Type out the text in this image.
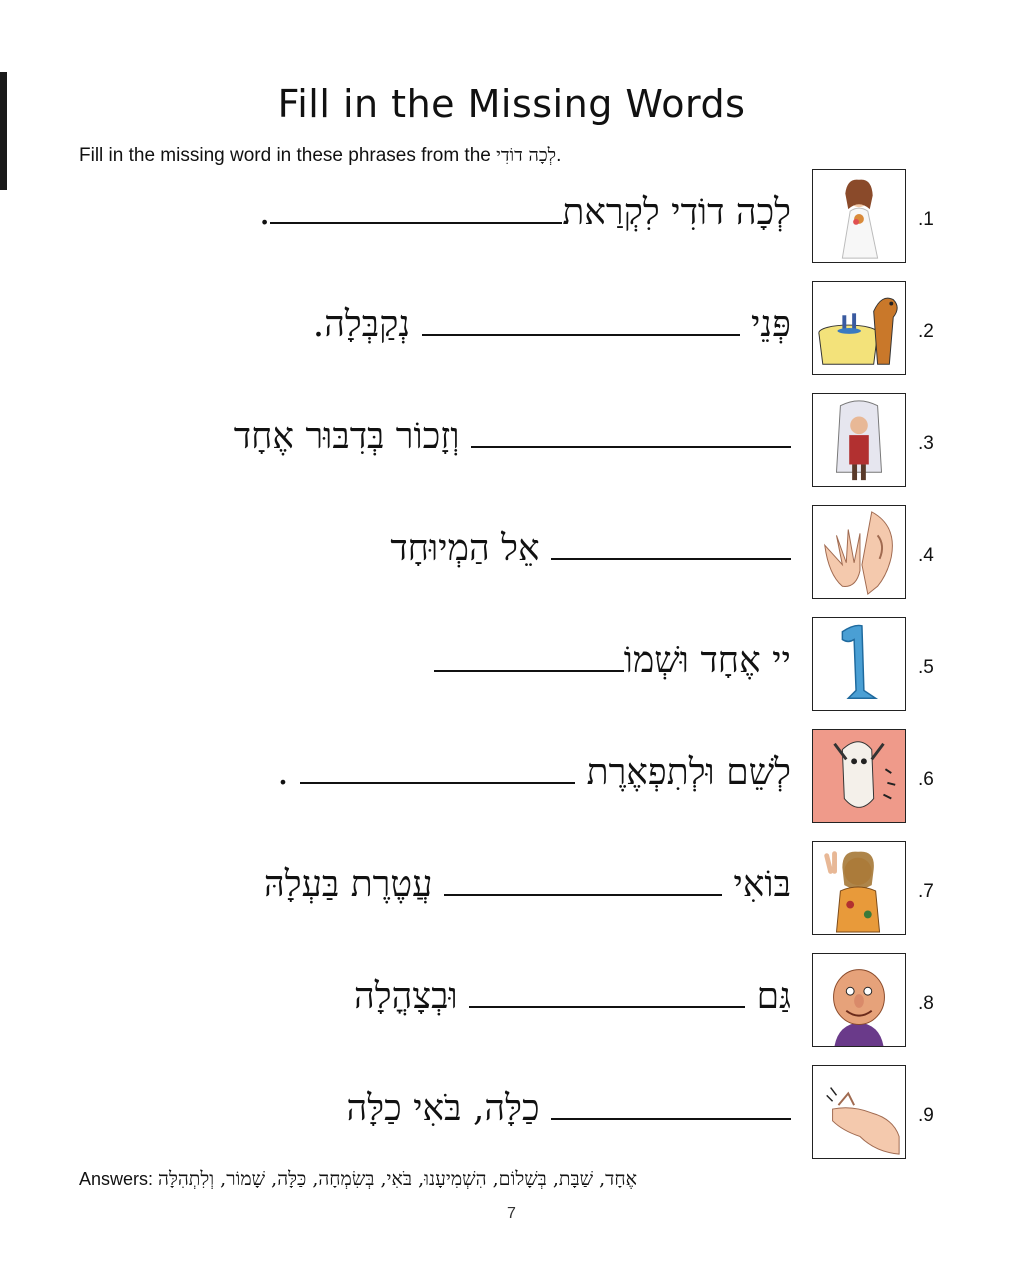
Fill in the Missing Words
Fill in the missing word in these phrases from the לְכָה דוֹדִי.
לְכָה דוֹדִי לִקְרַאת.	.1
פְּנֵי  נְקַבְּלָה.	.2
וְזָכוֹר בְּדִבּוּר אֶחָד	.3
אֵל הַמְיוּחָד	.4
יי אֶחָד וּשְׁמוֹ	.5
לְשֵׁם וּלְתִפְאֶרֶת  .	.6
בּוֹאִי  עֲטֶרֶת בַּעְלָהּ	.7
גַּם  וּבְצָהֳלָה	.8
כַלָּה, בֹּאִי כַלָּה	.9
Answers: אֶחָד, שַׁבָּת, בְּשָׁלוֹם, הִשְׁמִיעָנוּ, בֹּאִי, בְּשִׂמְחָה, כַּלָּה, שָׁמוֹר, וְלִתְהִלָּה
7
